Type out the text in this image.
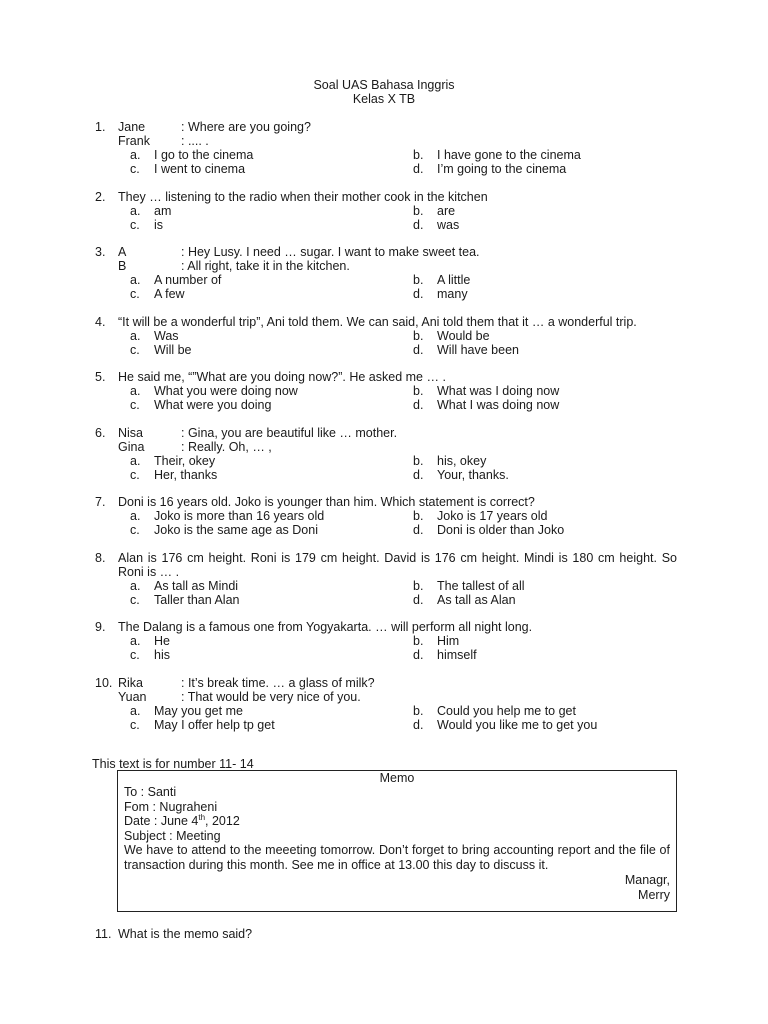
Soal UAS Bahasa Inggris
Kelas X TB
1.	Jane	: Where are you going?
Frank	: .... .
a.	I go to the cinema	b.	I have gone to the cinema
c.	I went to cinema	d.	I’m going to the cinema
2.	They … listening to the radio when their mother cook in the kitchen
a.	am	b.	are
c.	is	d.	was
3.	A	: Hey Lusy. I need … sugar. I want to make sweet tea.
B	: All right, take it in the kitchen.
a.	A number of	b.	A little
c.	A few	d.	many
4.	“It will be a wonderful trip”, Ani told them. We can said, Ani told them that it … a wonderful trip.
a.	Was	b.	Would be
c.	Will be	d.	Will have been
5.	He said me, “”What are you doing now?”. He asked me … .
a.	What you were doing now	b.	What was I doing now
c.	What were you doing	d.	What I was doing now
6.	Nisa	: Gina, you are beautiful like … mother.
Gina	: Really. Oh, … ,
a.	Their, okey	b.	his, okey
c.	Her, thanks	d.	Your, thanks.
7.	Doni is 16 years old. Joko is younger than him. Which statement is correct?
a.	Joko is more than 16 years old	b.	Joko is 17 years old
c.	Joko is the same age as Doni	d.	Doni is older than Joko
8.	Alan is 176 cm height. Roni is 179 cm height. David is 176 cm height. Mindi is 180 cm height. So Roni is … .
a.	As tall as Mindi	b.	The tallest of all
c.	Taller than Alan	d.	As tall as Alan
9.	The Dalang is a famous one from Yogyakarta. … will perform all night long.
a.	He	b.	Him
c.	his	d.	himself
10. Rika	: It’s break time. … a glass of milk?
Yuan	: That would be very nice of you.
a.	May you get me	b.	Could you help me to get
c.	May I offer help tp get	d.	Would you like me to get you
This text is for number 11- 14
Memo
To : Santi
Fom : Nugraheni
Date : June 4th, 2012
Subject : Meeting
We have to attend to the meeeting tomorrow. Don’t forget to bring accounting report and the file of transaction during this month. See me in office at 13.00 this day to discuss it.
Managr,
Merry
11. What is the memo said?
